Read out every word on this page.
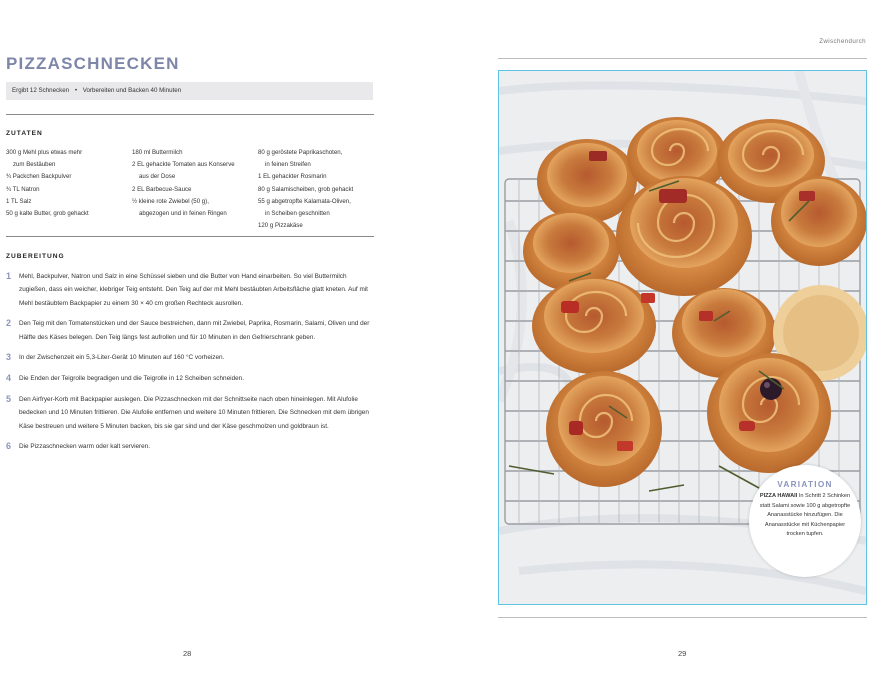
PIZZASCHNECKEN
Ergibt 12 Schnecken • Vorbereiten und Backen 40 Minuten
ZUTATEN
300 g Mehl plus etwas mehr
zum Bestäuben
¾ Packchen Backpulver
¾ TL Natron
1 TL Salz
50 g kalte Butter, grob gehackt
180 ml Buttermilch
2 EL gehackte Tomaten aus Konserve
aus der Dose
2 EL Barbecue-Sauce
½ kleine rote Zwiebel (50 g),
abgezogen und in feinen Ringen
80 g geröstete Paprikaschoten,
in feinen Streifen
1 EL gehackter Rosmarin
80 g Salamischeiben, grob gehackt
55 g abgetropfte Kalamata-Oliven,
in Scheiben geschnitten
120 g Pizzakäse
ZUBEREITUNG
1 Mehl, Backpulver, Natron und Salz in eine Schüssel sieben und die Butter von Hand einarbeiten. So viel Buttermilch zugießen, dass ein weicher, klebriger Teig entsteht. Den Teig auf der mit Mehl bestäubten Arbeitsfläche glatt kneten. Auf mit Mehl bestäubtem Backpapier zu einem 30 × 40 cm großen Rechteck ausrollen.
2 Den Teig mit den Tomatenstücken und der Sauce bestreichen, dann mit Zwiebel, Paprika, Rosmarin, Salami, Oliven und der Hälfte des Käses belegen. Den Teig längs fest aufrollen und für 10 Minuten in den Gefrierschrank geben.
3 In der Zwischenzeit ein 5,3-Liter-Gerät 10 Minuten auf 160 °C vorheizen.
4 Die Enden der Teigrolle begradigen und die Teigrolle in 12 Scheiben schneiden.
5 Den Airfryer-Korb mit Backpapier auslegen. Die Pizzaschnecken mit der Schnittseite nach oben hineinlegen. Mit Alufolie bedecken und 10 Minuten frittieren. Die Alufolie entfernen und weitere 10 Minuten frittieren. Die Schnecken mit dem übrigen Käse bestreuen und weitere 5 Minuten backen, bis sie gar sind und der Käse geschmolzen und goldbraun ist.
6 Die Pizzaschnecken warm oder kalt servieren.
28
Zwischendurch
VARIATION
PIZZA HAWAII In Schritt 2 Schinken statt Salami sowie 100 g abgetropfte Ananasstücke hinzufügen. Die Ananasstücke mit Küchenpapier trocken tupfen.
29
